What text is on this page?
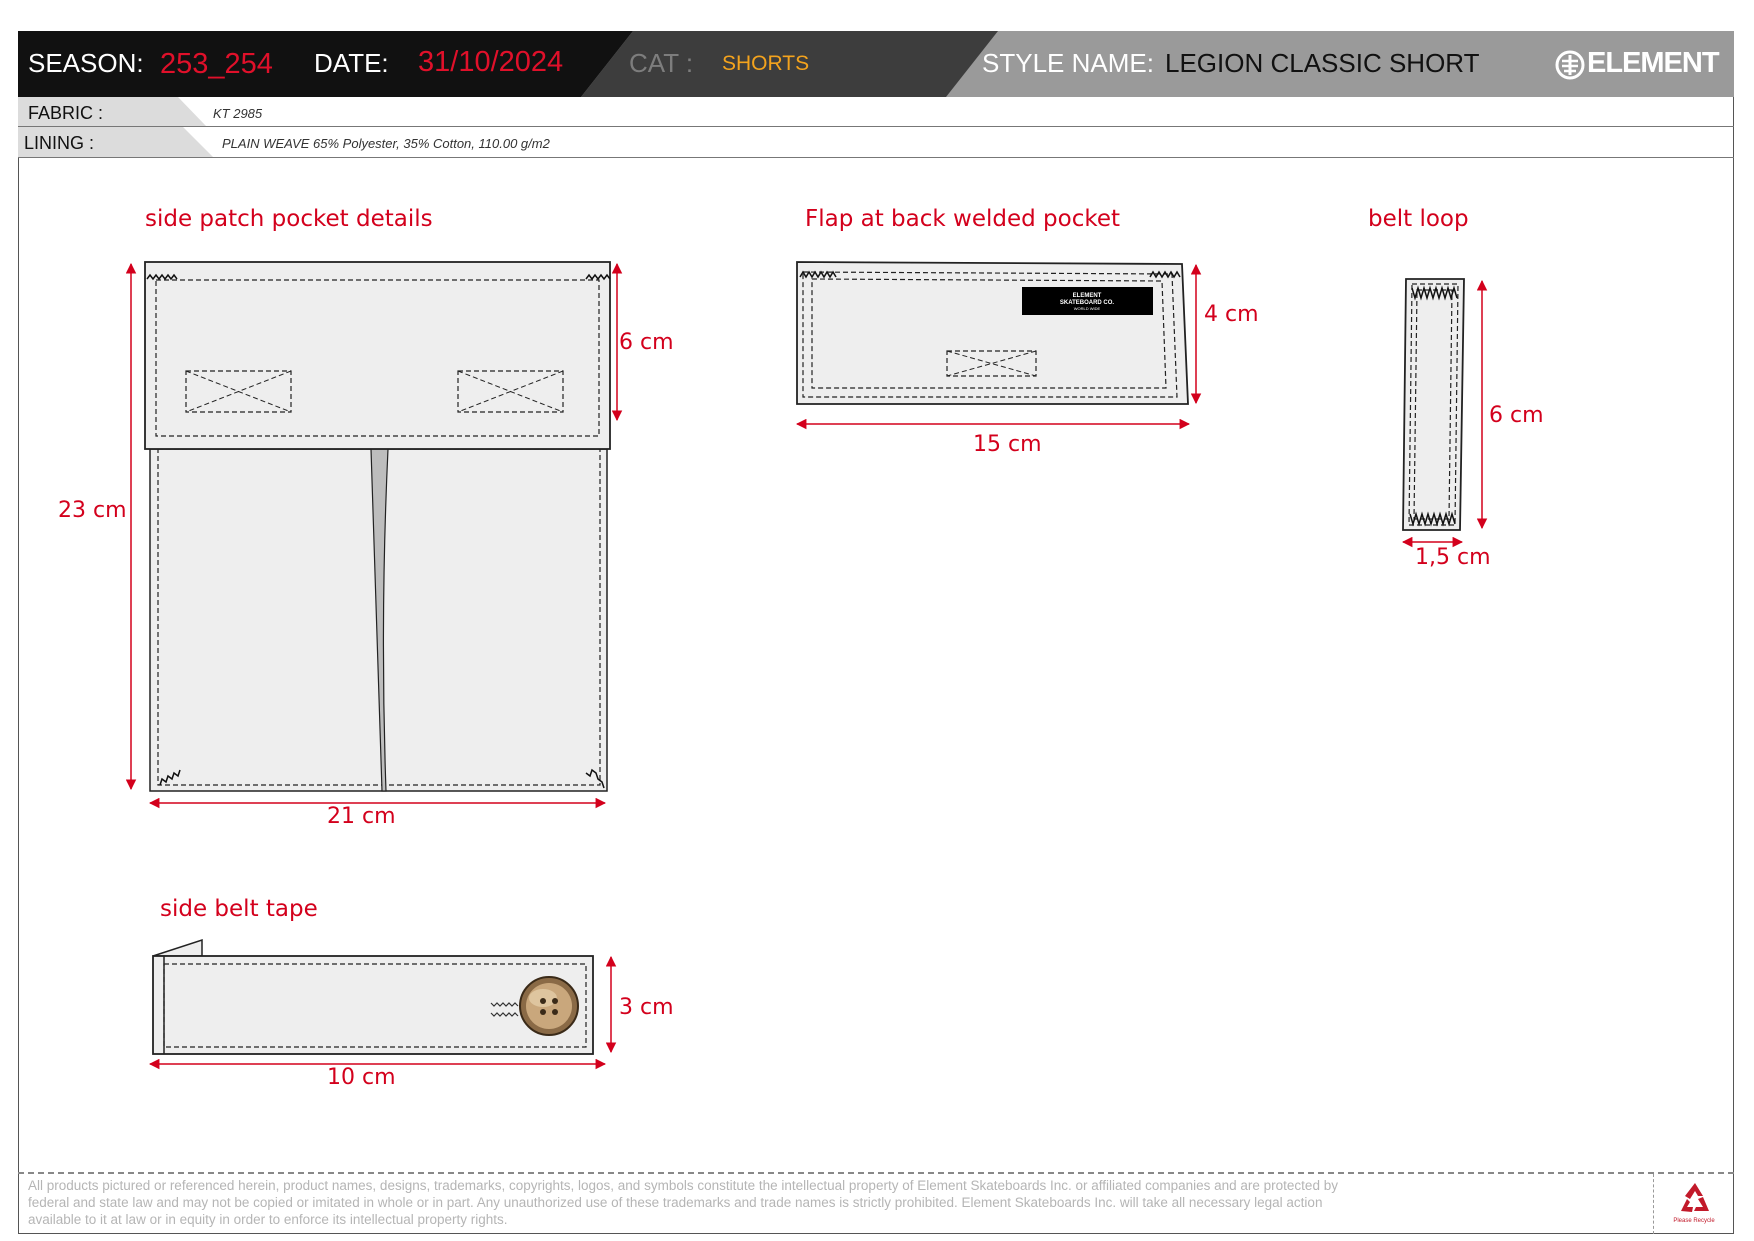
SEASON: 253_254 DATE: 31/10/2024	CAT : SHORTS	STYLE NAME: LEGION CLASSIC SHORT	ELEMENT
FABRIC :	KT 2985
LINING :	PLAIN WEAVE 65% Polyester, 35% Cotton, 110.00 g/m2
side patch pocket details	Flap at back welded pocket	belt loop
side belt tape
ELEMENT
SKATEBOARD CO.
WORLD WIDE
23 cm
6 cm
21 cm
4 cm
15 cm
6 cm
1,5 cm
3 cm
10 cm
All products pictured or referenced herein, product names, designs, trademarks, copyrights, logos, and symbols constitute the intellectual property of Element Skateboards Inc. or affiliated companies and are protected by federal and state law and may not be copied or imitated in whole or in part. Any unauthorized use of these trademarks and trade names is strictly prohibited. Element Skateboards Inc. will take all necessary legal action available to it at law or in equity in order to enforce its intellectual property rights.	Please Recycle
